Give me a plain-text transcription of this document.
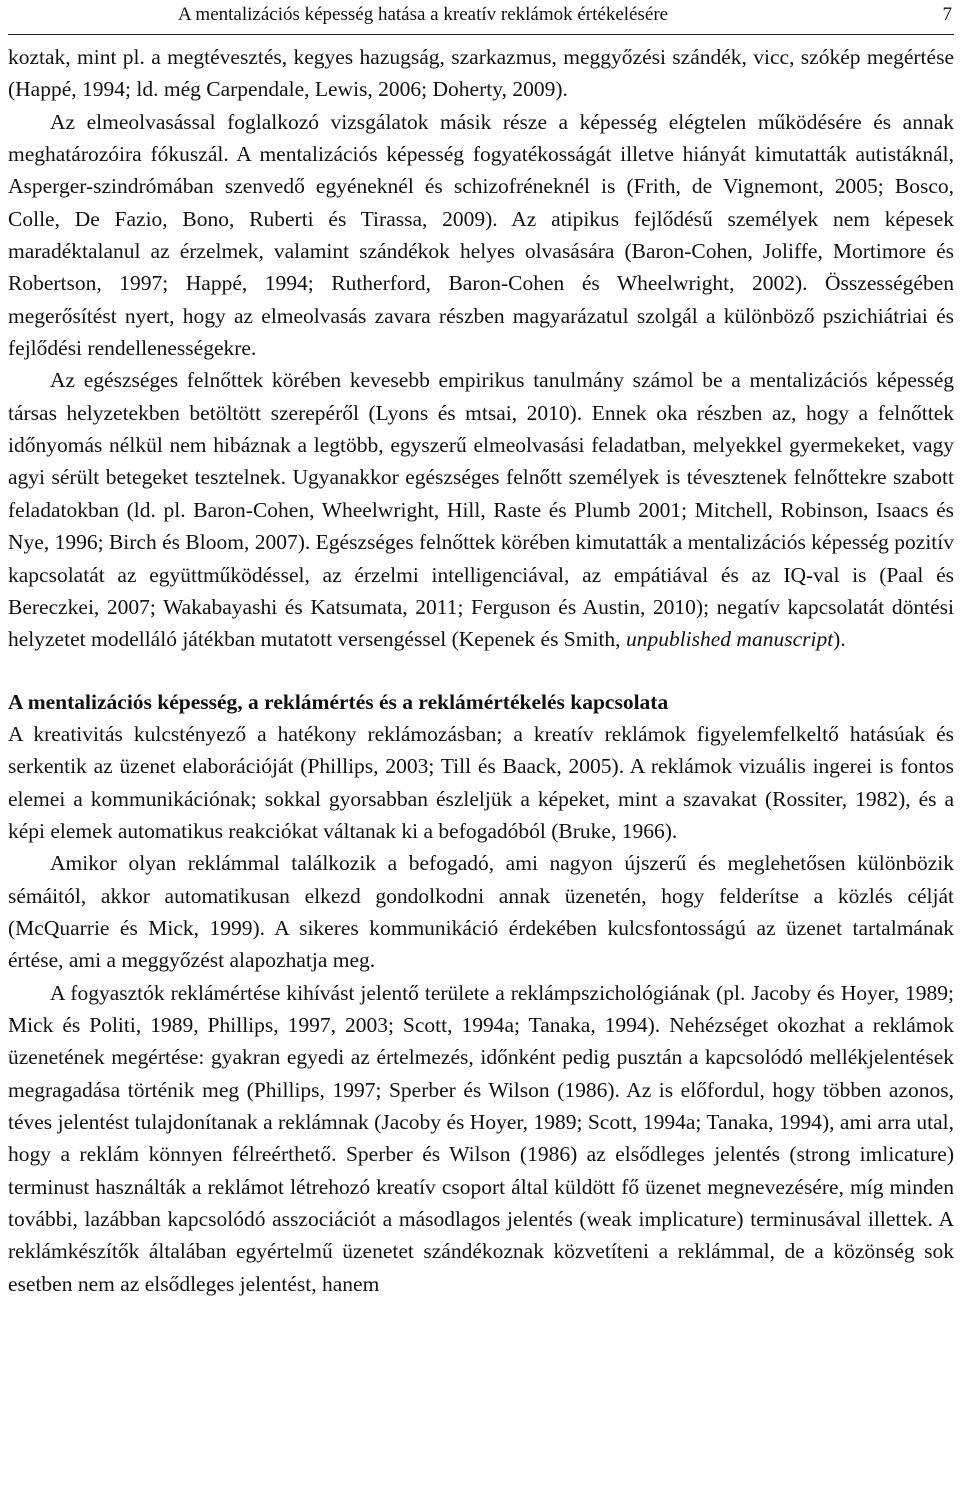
A mentalizációs képesség hatása a kreatív reklámok értékelésére	7

koztak, mint pl. a megtévesztés, kegyes hazugság, szarkazmus, meggyőzési szándék, vicc, szókép megértése (Happé, 1994; ld. még Carpendale, Lewis, 2006; Doherty, 2009).

Az elmeolvasással foglalkozó vizsgálatok másik része a képesség elégtelen működésére és annak meghatározóira fókuszál. A mentalizációs képesség fogyatékosságát illetve hiányát kimutatták autistáknál, Asperger-szindrómában szenvedő egyéneknél és schizofréneknél is (Frith, de Vignemont, 2005; Bosco, Colle, De Fazio, Bono, Ruberti és Tirassa, 2009). Az atipikus fejlődésű személyek nem képesek maradéktalanul az érzelmek, valamint szándékok helyes olvasására (Baron-Cohen, Joliffe, Mortimore és Robertson, 1997; Happé, 1994; Rutherford, Baron-Cohen és Wheelwright, 2002). Összességében megerősítést nyert, hogy az elmeolvasás zavara részben magyarázatul szolgál a különböző pszichiátriai és fejlődési rendellenességekre.

Az egészséges felnőttek körében kevesebb empirikus tanulmány számol be a mentalizációs képesség társas helyzetekben betöltött szerepéről (Lyons és mtsai, 2010). Ennek oka részben az, hogy a felnőttek időnyomás nélkül nem hibáznak a legtöbb, egyszerű elmeolvasási feladatban, melyekkel gyermekeket, vagy agyi sérült betegeket tesztelnek. Ugyanakkor egészséges felnőtt személyek is tévesztenek felnőttekre szabott feladatokban (ld. pl. Baron-Cohen, Wheelwright, Hill, Raste és Plumb 2001; Mitchell, Robinson, Isaacs és Nye, 1996; Birch és Bloom, 2007). Egészséges felnőttek körében kimutatták a mentalizációs képesség pozitív kapcsolatát az együttműködéssel, az érzelmi intelligenciával, az empátiával és az IQ-val is (Paal és Bereczkei, 2007; Wakabayashi és Katsumata, 2011; Ferguson és Austin, 2010); negatív kapcsolatát döntési helyzetet modelláló játékban mutatott versengéssel (Kepenek és Smith, unpublished manuscript).

A mentalizációs képesség, a reklámértés és a reklámértékelés kapcsolata

A kreativitás kulcstényező a hatékony reklámozásban; a kreatív reklámok figyelemfelkeltő hatásúak és serkentik az üzenet elaborációját (Phillips, 2003; Till és Baack, 2005). A reklámok vizuális ingerei is fontos elemei a kommunikációnak; sokkal gyorsabban észleljük a képeket, mint a szavakat (Rossiter, 1982), és a képi elemek automatikus reakciókat váltanak ki a befogadóból (Bruke, 1966).

Amikor olyan reklámmal találkozik a befogadó, ami nagyon újszerű és meglehetősen különbözik sémáitól, akkor automatikusan elkezd gondolkodni annak üzenetén, hogy felderítse a közlés célját (McQuarrie és Mick, 1999). A sikeres kommunikáció érdekében kulcsfontosságú az üzenet tartalmának értése, ami a meggyőzést alapozhatja meg.

A fogyasztók reklámértése kihívást jelentő területe a reklámpszichológiának (pl. Jacoby és Hoyer, 1989; Mick és Politi, 1989, Phillips, 1997, 2003; Scott, 1994a; Tanaka, 1994). Nehézséget okozhat a reklámok üzenetének megértése: gyakran egyedi az értelmezés, időnként pedig pusztán a kapcsolódó mellékjelentések megragadása történik meg (Phillips, 1997; Sperber és Wilson (1986). Az is előfordul, hogy többen azonos, téves jelentést tulajdonítanak a reklámnak (Jacoby és Hoyer, 1989; Scott, 1994a; Tanaka, 1994), ami arra utal, hogy a reklám könnyen félreérthető. Sperber és Wilson (1986) az elsődleges jelentés (strong imlicature) terminust használták a reklámot létrehozó kreatív csoport által küldött fő üzenet megnevezésére, míg minden további, lazábban kapcsolódó asszociációt a másodlagos jelentés (weak implicature) terminusával illettek. A reklámkészítők általában egyértelmű üzenetet szándékoznak közvetíteni a reklámmal, de a közönség sok esetben nem az elsődleges jelentést, hanem
